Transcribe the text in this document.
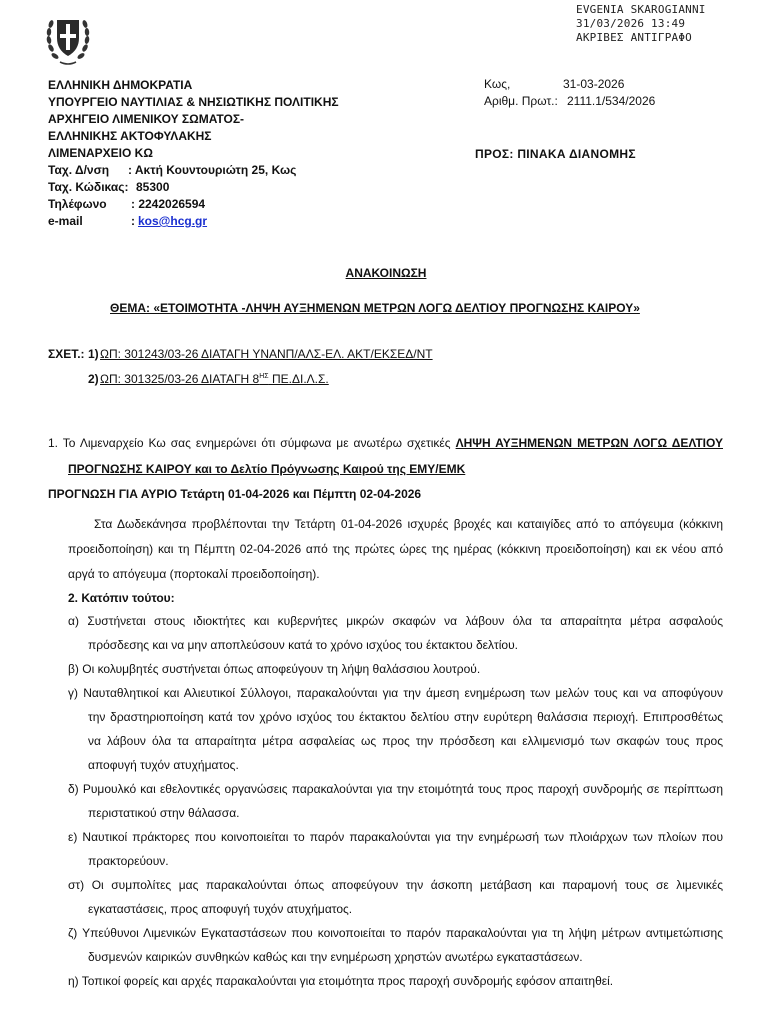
EVGENIA SKAROGIANNI
31/03/2026 13:49
ΑΚΡΙΒΕΣ ΑΝΤΙΓΡΑΦΟ
ΕΛΛΗΝΙΚΗ ΔΗΜΟΚΡΑΤΙΑ
ΥΠΟΥΡΓΕΙΟ ΝΑΥΤΙΛΙΑΣ & ΝΗΣΙΩΤΙΚΗΣ ΠΟΛΙΤΙΚΗΣ
ΑΡΧΗΓΕΙΟ ΛΙΜΕΝΙΚΟΥ ΣΩΜΑΤΟΣ-
ΕΛΛΗΝΙΚΗΣ ΑΚΤΟΦΥΛΑΚΗΣ
ΛΙΜΕΝΑΡΧΕΙΟ ΚΩ
Ταχ. Δ/νση : Ακτή Κουντουριώτη 25, Κως
Ταχ. Κώδικας: 85300
Τηλέφωνο : 2242026594
e-mail	: kos@hcg.gr
Κως,	31-03-2026
Αριθμ. Πρωτ.: 2111.1/534/2026
ΠΡΟΣ: ΠΙΝΑΚΑ ΔΙΑΝΟΜΗΣ
ΑΝΑΚΟΙΝΩΣΗ
ΘΕΜΑ: «ΕΤΟΙΜΟΤΗΤΑ -ΛΗΨΗ ΑΥΞΗΜΕΝΩΝ ΜΕΤΡΩΝ ΛΟΓΩ ΔΕΛΤΙΟΥ ΠΡΟΓΝΩΣΗΣ ΚΑΙΡΟΥ»
ΣΧΕΤ.: 1) ΩΠ: 301243/03-26 ΔΙΑΤΑΓΗ ΥΝΑΝΠ/ΑΛΣ-ΕΛ. ΑΚΤ/ΕΚΣΕΔ/ΝΤ
2) ΩΠ: 301325/03-26 ΔΙΑΤΑΓΗ $8^{H\Sigma}$ ΠΕ.ΔΙ.Λ.Σ.
1. Το Λιμεναρχείο Κω σας ενημερώνει ότι σύμφωνα με ανωτέρω σχετικές ΛΗΨΗ ΑΥΞΗΜΕΝΩΝ ΜΕΤΡΩΝ ΛΟΓΩ ΔΕΛΤΙΟΥ
ΠΡΟΓΝΩΣΗΣ ΚΑΙΡΟΥ και το Δελτίο Πρόγνωσης Καιρού της ΕΜΥ/ΕΜΚ
ΠΡΟΓΝΩΣΗ ΓΙΑ ΑΥΡΙΟ Τετάρτη 01-04-2026 και Πέμπτη 02-04-2026
Στα Δωδεκάνησα προβλέπονται την Τετάρτη 01-04-2026 ισχυρές βροχές και καταιγίδες από το απόγευμα (κόκκινη
προειδοποίηση) και τη Πέμπτη 02-04-2026 από της πρώτες ώρες της ημέρας (κόκκινη προειδοποίηση) και εκ νέου από
αργά το απόγευμα (πορτοκαλί προειδοποίηση).
2. Κατόπιν τούτου:
α) Συστήνεται στους ιδιοκτήτες και κυβερνήτες μικρών σκαφών να λάβουν όλα τα απαραίτητα μέτρα ασφαλούς
πρόσδεσης και να μην αποπλεύσουν κατά το χρόνο ισχύος του έκτακτου δελτίου.
β) Οι κολυμβητές συστήνεται όπως αποφεύγουν τη λήψη θαλάσσιου λουτρού.
γ) Ναυταθλητικοί και Αλιευτικοί Σύλλογοι, παρακαλούνται για την άμεση ενημέρωση των μελών τους και να αποφύγουν
την δραστηριοποίηση κατά τον χρόνο ισχύος του έκτακτου δελτίου στην ευρύτερη θαλάσσια περιοχή. Επιπροσθέτως
να λάβουν όλα τα απαραίτητα μέτρα ασφαλείας ως προς την πρόσδεση και ελλιμενισμό των σκαφών τους προς
αποφυγή τυχόν ατυχήματος.
δ) Ρυμουλκό και εθελοντικές οργανώσεις παρακαλούνται για την ετοιμότητά τους προς παροχή συνδρομής σε περίπτωση
περιστατικού στην θάλασσα.
ε) Ναυτικοί πράκτορες που κοινοποιείται το παρόν παρακαλούνται για την ενημέρωσή των πλοιάρχων των πλοίων που
πρακτορεύουν.
στ) Οι συμπολίτες μας παρακαλούνται όπως αποφεύγουν την άσκοπη μετάβαση και παραμονή τους σε λιμενικές
εγκαταστάσεις, προς αποφυγή τυχόν ατυχήματος.
ζ) Υπεύθυνοι Λιμενικών Εγκαταστάσεων που κοινοποιείται το παρόν παρακαλούνται για τη λήψη μέτρων αντιμετώπισης
δυσμενών καιρικών συνθηκών καθώς και την ενημέρωση χρηστών ανωτέρω εγκαταστάσεων.
η) Τοπικοί φορείς και αρχές παρακαλούνται για ετοιμότητα προς παροχή συνδρομής εφόσον απαιτηθεί.
